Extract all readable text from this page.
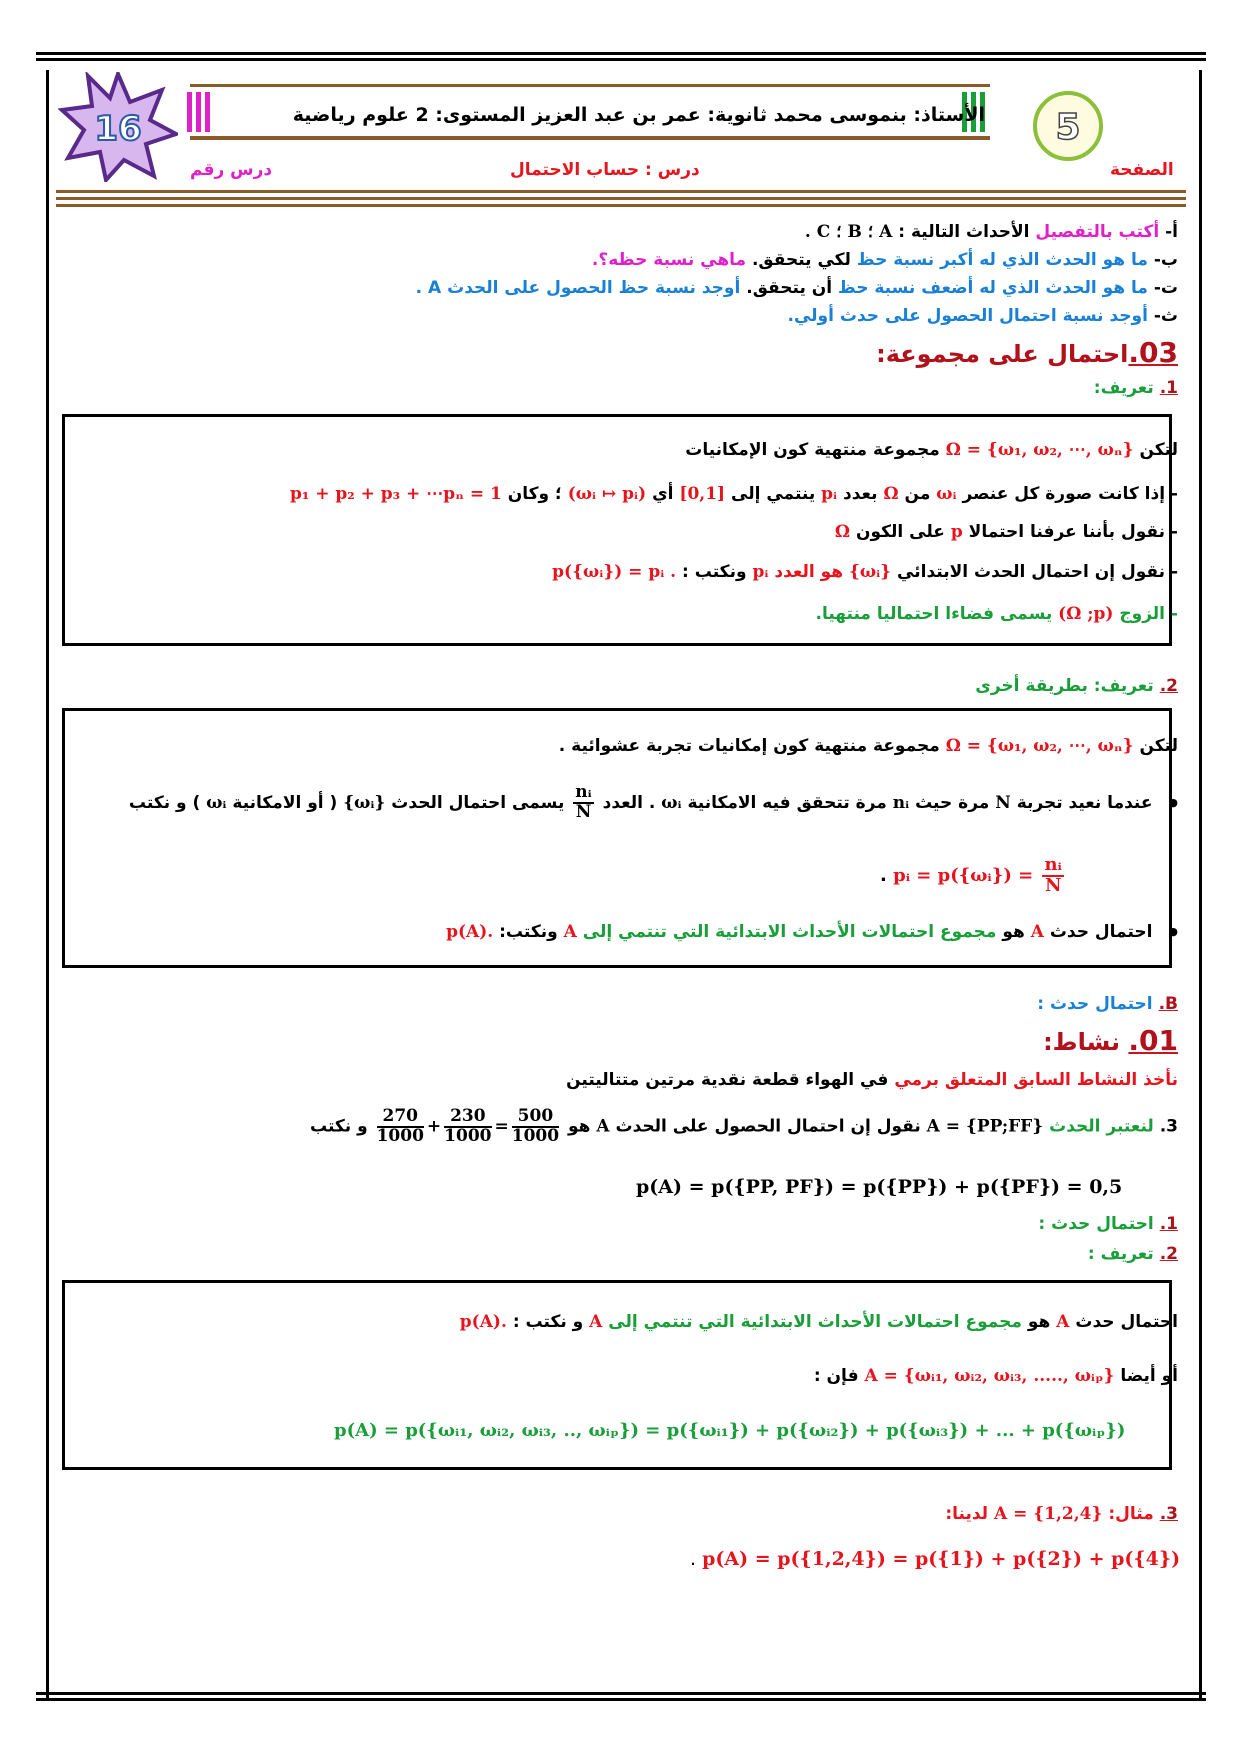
16	الأستاذ: بنموسى محمد ثانوية: عمر بن عبد العزيز المستوى: 2 علوم رياضية 5
الصفحة
درس : حساب الاحتمال
درس رقم
أ- أكتب بالتفصيل الأحداث التالية : A ؛ B ؛ C .
ب- ما هو الحدث الذي له أكبر نسبة حظ لكي يتحقق. ماهي نسبة حظه؟.
ت- ما هو الحدث الذي له أضعف نسبة حظ أن يتحقق. أوجد نسبة حظ الحصول على الحدث A .
ث- أوجد نسبة احتمال الحصول على حدث أولي.
03.احتمال على مجموعة:
1. تعريف:
لتكن Ω = {ω₁, ω₂, ⋯, ωₙ} مجموعة منتهية كون الإمكانيات
- إذا كانت صورة كل عنصر ωᵢ من Ω بعدد pᵢ ينتمي إلى [0,1] أي (ωᵢ ↦ pᵢ) ؛ وكان p₁ + p₂ + p₃ + ⋯pₙ = 1
- نقول بأننا عرفنا احتمالا p على الكون Ω
- نقول إن احتمال الحدث الابتدائي {ωᵢ} هو العدد pᵢ ونكتب : p({ωᵢ}) = pᵢ .
- الزوج (Ω ;p) يسمى فضاءا احتماليا منتهيا.
2. تعريف: بطريقة أخرى
لتكن Ω = {ω₁, ω₂, ⋯, ωₙ} مجموعة منتهية كون إمكانيات تجربة عشوائية .
● عندما نعيد تجربة N مرة حيث nᵢ مرة تتحقق فيه الامكانية ωᵢ . العدد
$\frac{\text{nᵢ}}{N}$
يسمى احتمال الحدث {ωᵢ} ( أو الامكانية ωᵢ ) و نكتب
. pᵢ = p({ωᵢ}) = $\frac{\text{nᵢ}}{N}$
● احتمال حدث A هو مجموع احتمالات الأحداث الابتدائية التي تنتمي إلى A ونكتب: p(A).
B. احتمال حدث :
01. نشاط:
نأخذ النشاط السابق المتعلق برمي في الهواء قطعة نقدية مرتين متتاليتين
3. لنعتبر الحدث A = {PP;FF} نقول إن احتمال الحصول على الحدث A هو
$\frac{270}{1000} + \frac{230}{1000} = \frac{500}{1000}$
و نكتب
p(A) = p({PP, PF}) = p({PP}) + p({PF}) = 0,5
1. احتمال حدث :
2. تعريف :
احتمال حدث A هو مجموع احتمالات الأحداث الابتدائية التي تنتمي إلى A و نكتب : p(A).
أو أيضا A = {ωᵢ₁, ωᵢ₂, ωᵢ₃, ....., ωᵢₚ} فإن :
p(A) = p({ωᵢ₁, ωᵢ₂, ωᵢ₃, .., ωᵢₚ}) = p({ωᵢ₁}) + p({ωᵢ₂}) + p({ωᵢ₃}) + ... + p({ωᵢₚ})
3. مثال: A = {1,2,4} لدينا:
. p(A) = p({1,2,4}) = p({1}) + p({2}) + p({4})
